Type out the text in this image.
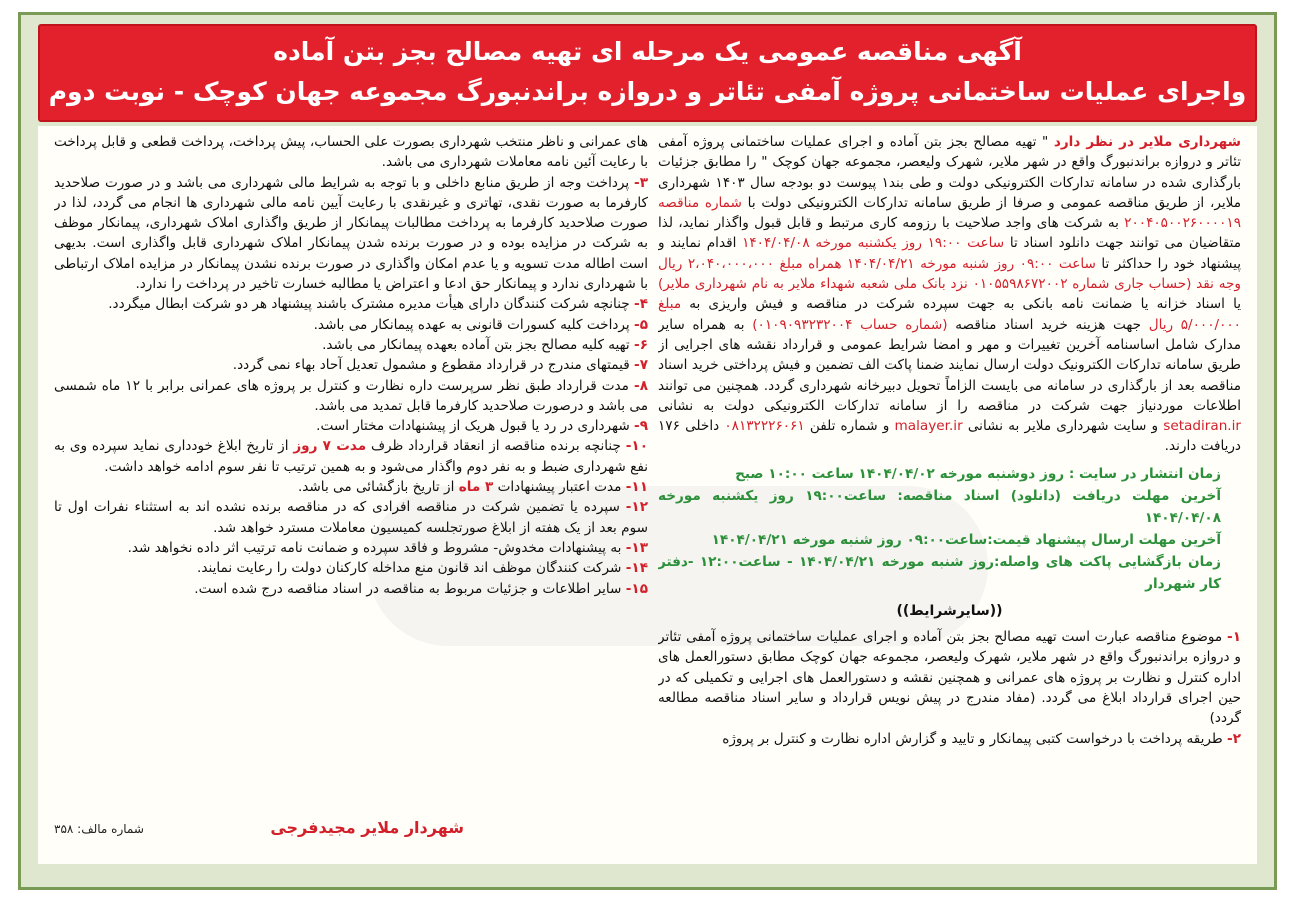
آگهی مناقصه عمومی یک مرحله ای تهیه مصالح بجز بتن آماده
واجرای عملیات ساختمانی پروژه آمفی تئاتر و دروازه براندنبورگ مجموعه جهان کوچک - نوبت دوم

شهرداری ملایر در نظر دارد " تهیه مصالح بجز بتن آماده و اجرای عملیات ساختمانی پروژه آمفی تئاتر و دروازه براندنبورگ واقع در شهر ملایر، شهرک ولیعصر، مجموعه جهان کوچک " را مطابق جزئیات بارگذاری شده در سامانه تدارکات الکترونیکی دولت و طی بند۱ پیوست دو بودجه سال ۱۴۰۳ شهرداری ملایر، از طریق مناقصه عمومی و صرفا از طریق سامانه تدارکات الکترونیکی دولت با شماره مناقصه ۲۰۰۴۰۵۰۰۲۶۰۰۰۰۱۹ به شرکت های واجد صلاحیت با رزومه کاری مرتبط و قابل قبول واگذار نماید، لذا متقاضیان می توانند جهت دانلود اسناد تا ساعت ۱۹:۰۰ روز یکشنبه مورخه ۱۴۰۴/۰۴/۰۸ اقدام نمایند و پیشنهاد خود را حداکثر تا ساعت ۰۹:۰۰ روز شنبه مورخه ۱۴۰۴/۰۴/۲۱ همراه مبلغ ۲،۰۴۰،۰۰۰،۰۰۰ ریال وجه نقد (حساب جاری شماره ۰۱۰۵۵۹۸۶۷۲۰۰۲ نزد بانک ملی شعبه شهداء ملایر به نام شهرداری ملایر) یا اسناد خزانه یا ضمانت نامه بانکی به جهت سپرده شرکت در مناقصه و فیش واریزی به مبلغ ۵/۰۰۰/۰۰۰ ریال جهت هزینه خرید اسناد مناقصه (شماره حساب ۰۱۰۹۰۹۳۲۳۲۰۰۴) به همراه سایر مدارک شامل اساسنامه آخرین تغییرات و مهر و امضا شرایط عمومی و قرارداد نقشه های اجرایی از طریق سامانه تدارکات الکترونیک دولت ارسال نمایند ضمنا پاکت الف تضمین و فیش پرداختی خرید اسناد مناقصه بعد از بارگذاری در سامانه می بایست الزاماً تحویل دبیرخانه شهرداری گردد. همچنین می توانند اطلاعات موردنیاز جهت شرکت در مناقصه را از سامانه تدارکات الکترونیکی دولت به نشانی setadiran.ir و سایت شهرداری ملایر به نشانی malayer.ir و شماره تلفن ۰۸۱۳۲۲۲۶۰۶۱ داخلی ۱۷۶ دریافت دارند.

زمان انتشار در سایت : روز دوشنبه مورخه ۱۴۰۴/۰۴/۰۲ ساعت ۱۰:۰۰ صبح

آخرین مهلت دریافت (دانلود) اسناد مناقصه: ساعت۱۹:۰۰ روز یکشنبه مورخه ۱۴۰۴/۰۴/۰۸

آخرین مهلت ارسال پیشنهاد قیمت:ساعت۰۹:۰۰ روز شنبه مورخه ۱۴۰۴/۰۴/۲۱

زمان بازگشایی پاکت های واصله:روز شنبه مورخه ۱۴۰۴/۰۴/۲۱ - ساعت۱۲:۰۰ -دفتر کار شهردار

((سایرشرایط))

۱- موضوع مناقصه عبارت است تهیه مصالح بجز بتن آماده و اجرای عملیات ساختمانی پروژه آمفی تئاتر و دروازه براندنبورگ واقع در شهر ملایر، شهرک ولیعصر، مجموعه جهان کوچک مطابق دستورالعمل های اداره کنترل و نظارت بر پروژه های عمرانی و همچنین نقشه و دستورالعمل های اجرایی و تکمیلی که در حین اجرای قرارداد ابلاغ می گردد. (مفاد مندرج در پیش نویس قرارداد و سایر اسناد مناقصه مطالعه گردد)

۲- طریقه پرداخت با درخواست کتبی پیمانکار و تایید و گزارش اداره نظارت و کنترل بر پروژه

های عمرانی و ناظر منتخب شهرداری بصورت علی الحساب، پیش پرداخت، پرداخت قطعی و قابل پرداخت با رعایت آئین نامه معاملات شهرداری می باشد.

۳- پرداخت وجه از طریق منابع داخلی و با توجه به شرایط مالی شهرداری می باشد و در صورت صلاحدید کارفرما به صورت نقدی، تهاتری و غیرنقدی با رعایت آیین نامه مالی شهرداری ها انجام می گردد، لذا در صورت صلاحدید کارفرما به پرداخت مطالبات پیمانکار از طریق واگذاری املاک شهرداری، پیمانکار موظف به شرکت در مزایده بوده و در صورت برنده شدن پیمانکار املاک شهرداری قابل واگذاری است. بدیهی است اطاله مدت تسویه و یا عدم امکان واگذاری در صورت برنده نشدن پیمانکار در مزایده املاک ارتباطی با شهرداری ندارد و پیمانکار حق ادعا و اعتراض یا مطالبه خسارت تاخیر در پرداخت را ندارد.

۴- چنانچه شرکت کنندگان دارای هیأت مدیره مشترک باشند پیشنهاد هر دو شرکت ابطال میگردد.

۵- پرداخت کلیه کسورات قانونی به عهده پیمانکار می باشد.

۶- تهیه کلیه مصالح بجز بتن آماده بعهده پیمانکار می باشد.

۷- قیمتهای مندرج در قرارداد مقطوع و مشمول تعدیل آحاد بهاء نمی گردد.

۸- مدت قرارداد طبق نظر سرپرست داره نظارت و کنترل بر پروژه های عمرانی برابر با ۱۲ ماه شمسی می باشد و درصورت صلاحدید کارفرما قابل تمدید می باشد.

۹- شهرداری در رد یا قبول هریک از پیشنهادات مختار است.

۱۰- چنانچه برنده مناقصه از انعقاد قرارداد ظرف مدت ۷ روز از تاریخ ابلاغ خودداری نماید سپرده وی به نفع شهرداری ضبط و به نفر دوم واگذار می‌شود و به همین ترتیب تا نفر سوم ادامه خواهد داشت.

۱۱- مدت اعتبار پیشنهادات ۳ ماه از تاریخ بازگشائی می باشد.

۱۲- سپرده یا تضمین شرکت در مناقصه افرادی که در مناقصه برنده نشده اند به استثناء نفرات اول تا سوم بعد از یک هفته از ابلاغ صورتجلسه کمیسیون معاملات مسترد خواهد شد.

۱۳- به پیشنهادات مخدوش- مشروط و فاقد سپرده و ضمانت نامه ترتیب اثر داده نخواهد شد.

۱۴- شرکت کنندگان موظف اند قانون منع مداخله کارکنان دولت را رعایت نمایند.

۱۵- سایر اطلاعات و جزئیات مربوط به مناقصه در اسناد مناقصه درج شده است.

شهردار ملایر مجیدفرجی
شماره مالف: ۳۵۸
